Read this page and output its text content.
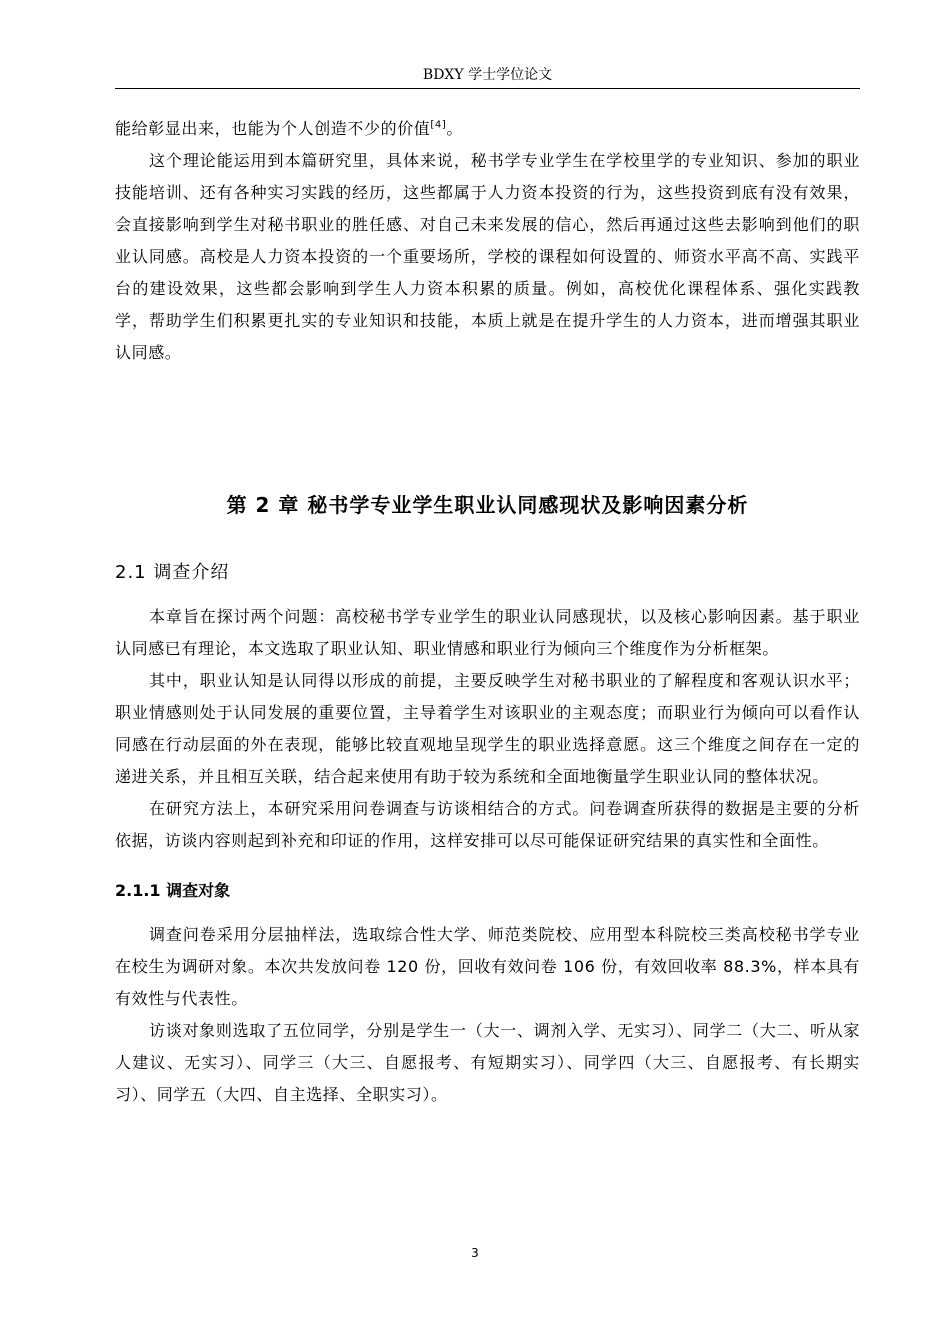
BDXY 学士学位论文

能给彰显出来，也能为个人创造不少的价值[4]。

这个理论能运用到本篇研究里，具体来说，秘书学专业学生在学校里学的专业知识、参加的职业技能培训、还有各种实习实践的经历，这些都属于人力资本投资的行为，这些投资到底有没有效果，会直接影响到学生对秘书职业的胜任感、对自己未来发展的信心，然后再通过这些去影响到他们的职业认同感。高校是人力资本投资的一个重要场所，学校的课程如何设置的、师资水平高不高、实践平台的建设效果，这些都会影响到学生人力资本积累的质量。例如，高校优化课程体系、强化实践教学，帮助学生们积累更扎实的专业知识和技能，本质上就是在提升学生的人力资本，进而增强其职业认同感。

第 2 章 秘书学专业学生职业认同感现状及影响因素分析
2.1 调查介绍

本章旨在探讨两个问题：高校秘书学专业学生的职业认同感现状，以及核心影响因素。基于职业认同感已有理论，本文选取了职业认知、职业情感和职业行为倾向三个维度作为分析框架。

其中，职业认知是认同得以形成的前提，主要反映学生对秘书职业的了解程度和客观认识水平；职业情感则处于认同发展的重要位置，主导着学生对该职业的主观态度；而职业行为倾向可以看作认同感在行动层面的外在表现，能够比较直观地呈现学生的职业选择意愿。这三个维度之间存在一定的递进关系，并且相互关联，结合起来使用有助于较为系统和全面地衡量学生职业认同的整体状况。

在研究方法上，本研究采用问卷调查与访谈相结合的方式。问卷调查所获得的数据是主要的分析依据，访谈内容则起到补充和印证的作用，这样安排可以尽可能保证研究结果的真实性和全面性。

2.1.1 调查对象

调查问卷采用分层抽样法，选取综合性大学、师范类院校、应用型本科院校三类高校秘书学专业在校生为调研对象。本次共发放问卷 120 份，回收有效问卷 106 份，有效回收率 88.3%，样本具有有效性与代表性。

访谈对象则选取了五位同学，分别是学生一（大一、调剂入学、无实习）、同学二（大二、听从家人建议、无实习）、同学三（大三、自愿报考、有短期实习）、同学四（大三、自愿报考、有长期实习）、同学五（大四、自主选择、全职实习）。

3
